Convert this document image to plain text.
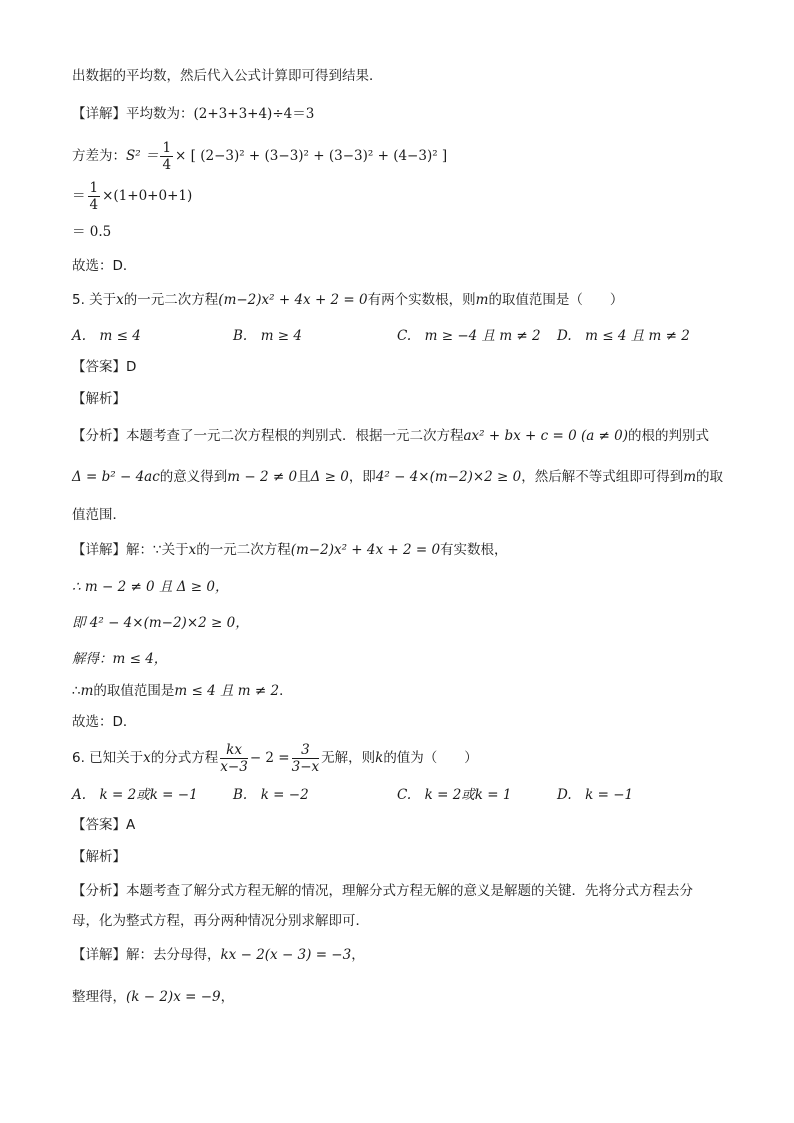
出数据的平均数，然后代入公式计算即可得到结果．
【详解】平均数为：(2+3+3+4)÷4＝3
方差为：$S^2 = \frac{1}{4}$ × [ (2−3)² + (3−3)² + (3−3)² + (4−3)² ]
＝ $\frac{1}{4} \times(1+0+0+1)$
＝ 0.5
故选：D．
5. 关于x的一元二次方程(m−2)x² + 4x + 2 = 0有两个实数根，则m的取值范围是（　　）
A.　m ≤ 4	B.　m ≥ 4	C.　m ≥ −4 且 m ≠ 2 D.　m ≤ 4 且 m ≠ 2
【答案】D
【解析】
【分析】本题考查了一元二次方程根的判别式．根据一元二次方程ax² + bx + c = 0 (a ≠ 0)的根的判别式
Δ = b² − 4ac的意义得到m − 2 ≠ 0且Δ ≥ 0，即4² − 4×(m−2)×2 ≥ 0，然后解不等式组即可得到m的取
值范围．
【详解】解：∵关于x的一元二次方程(m−2)x² + 4x + 2 = 0有实数根，
∴ m − 2 ≠ 0 且 Δ ≥ 0，
即 4² − 4×(m−2)×2 ≥ 0，
解得：m ≤ 4，
∴m的取值范围是m ≤ 4 且 m ≠ 2．
故选：D．
6. 已知关于x的分式方程 $\frac{kx}{x-3} - 2 = \frac{3}{3-x}$ 无解，则k的值为（　　）
A.　k = 2或k = −1	B.　k = −2	C.　k = 2或k = 1	D.　k = −1
【答案】A
【解析】
【分析】本题考查了解分式方程无解的情况，理解分式方程无解的意义是解题的关键．先将分式方程去分
母，化为整式方程，再分两种情况分别求解即可．
【详解】解：去分母得，kx − 2(x − 3) = −3，
整理得，(k − 2)x = −9，
